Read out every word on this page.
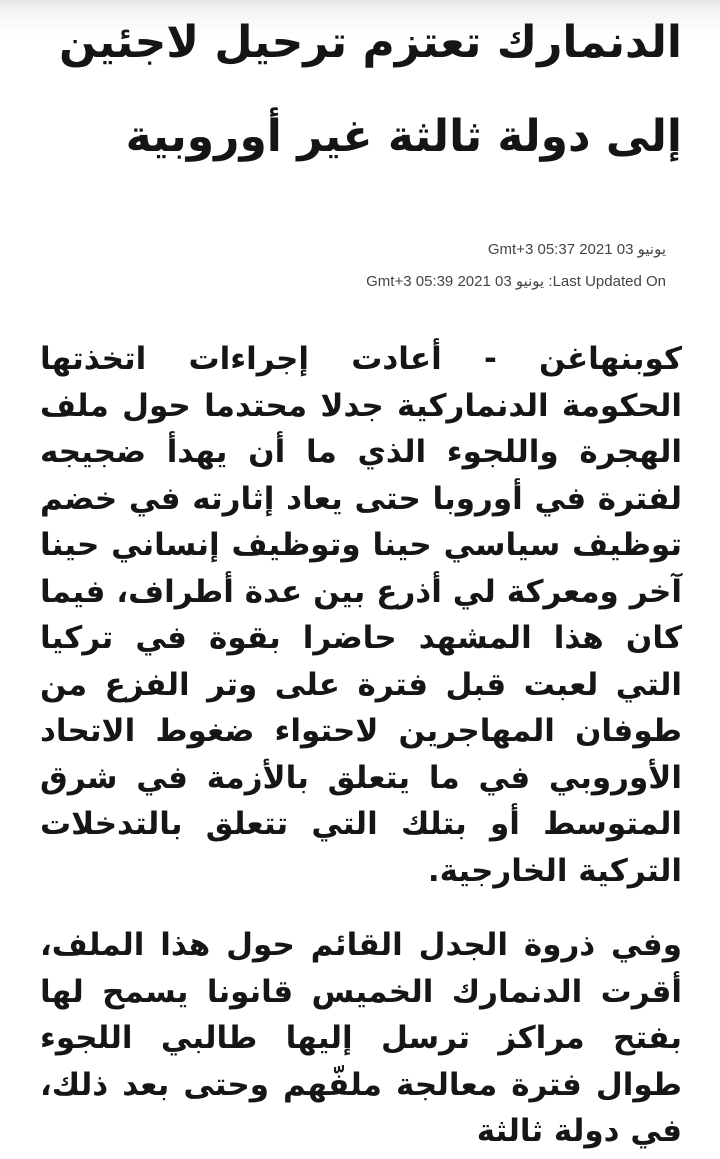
الدنمارك تعتزم ترحيل لاجئين إلى دولة ثالثة غير أوروبية
يونيو 03 2021 05:37 Gmt+3
Last Updated On: يونيو 03 2021 05:39 Gmt+3

كوبنهاغن - أعادت إجراءات اتخذتها الحكومة الدنماركية جدلا محتدما حول ملف الهجرة واللجوء الذي ما أن يهدأ ضجيجه لفترة في أوروبا حتى يعاد إثارته في خضم توظيف سياسي حينا وتوظيف إنساني حينا آخر ومعركة لي أذرع بين عدة أطراف، فيما كان هذا المشهد حاضرا بقوة في تركيا التي لعبت قبل فترة على وتر الفزع من طوفان المهاجرين لاحتواء ضغوط الاتحاد الأوروبي في ما يتعلق بالأزمة في شرق المتوسط أو بتلك التي تتعلق بالتدخلات التركية الخارجية.

وفي ذروة الجدل القائم حول هذا الملف، أقرت الدنمارك الخميس قانونا يسمح لها بفتح مراكز ترسل إليها طالبي اللجوء طوال فترة معالجة ملفّهم وحتى بعد ذلك، في دولة ثالثة
